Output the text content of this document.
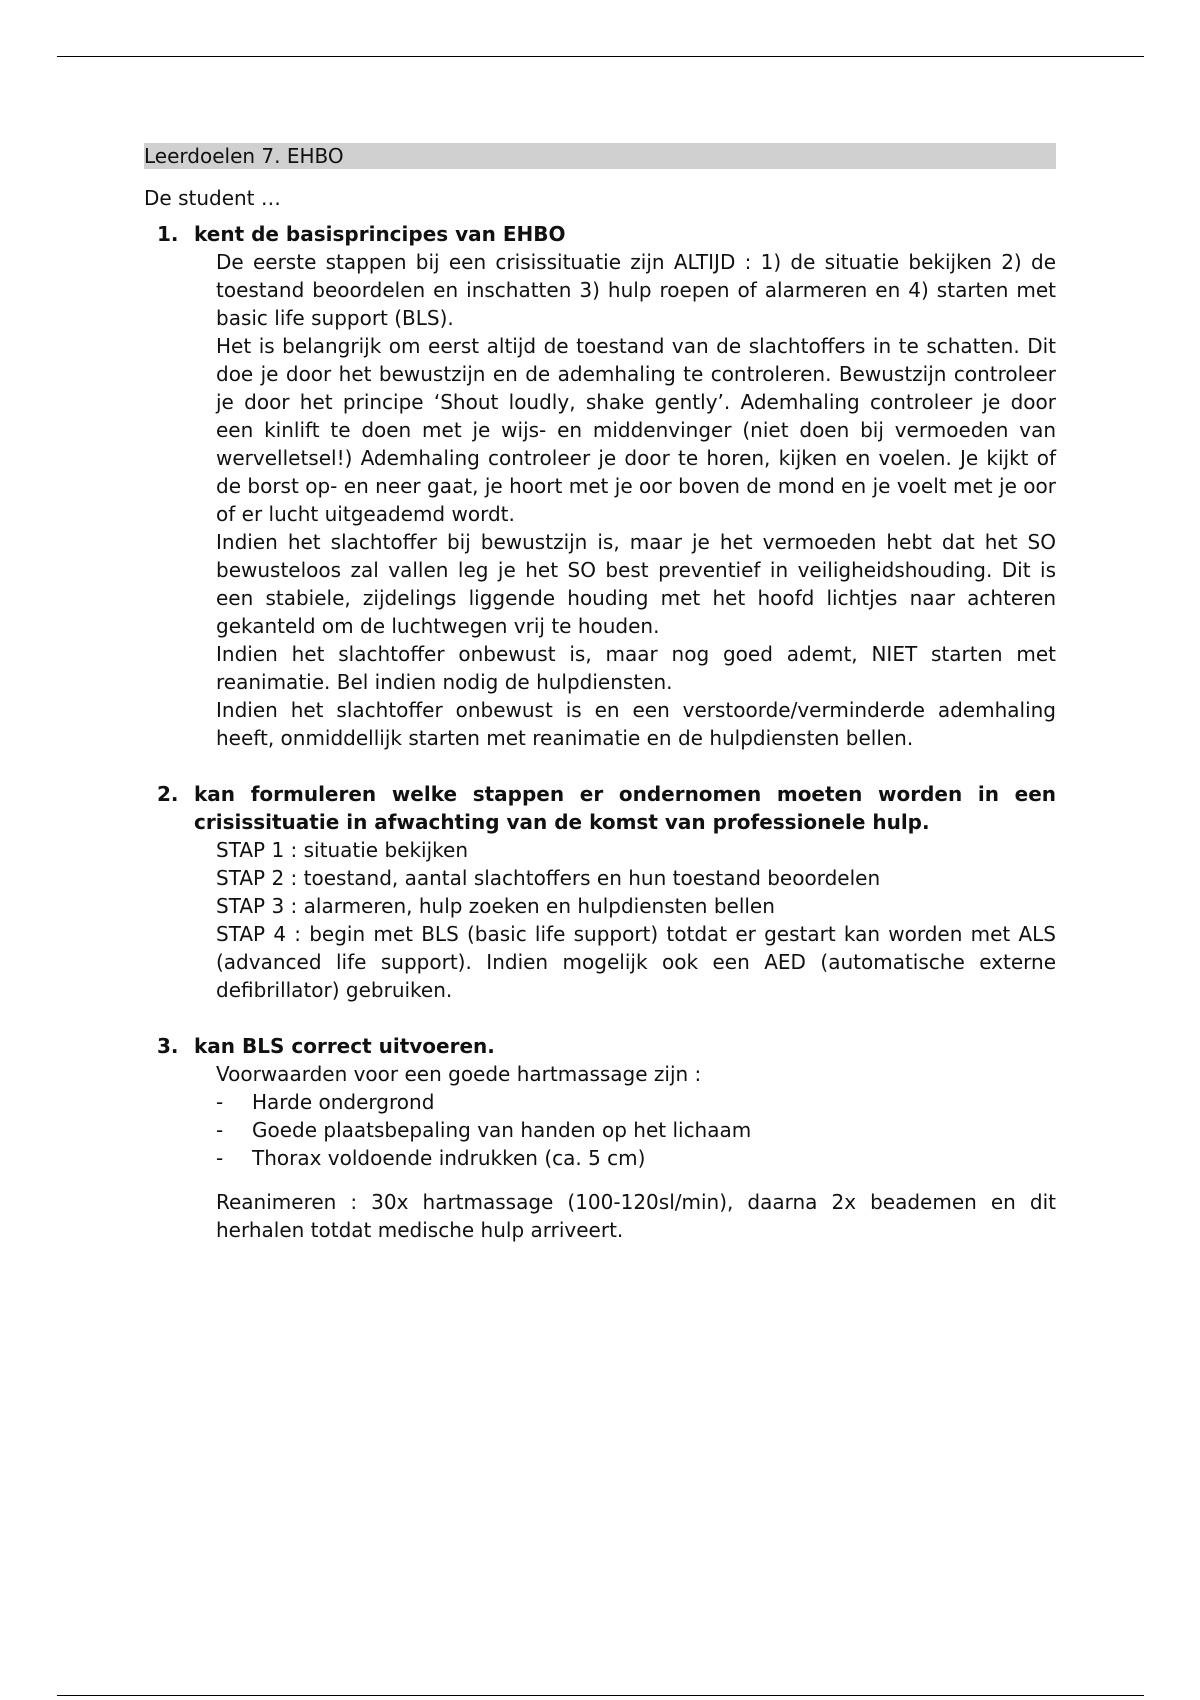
Leerdoelen 7. EHBO

De student …

1. kent de basisprincipes van EHBO

De eerste stappen bij een crisissituatie zijn ALTIJD : 1) de situatie bekijken 2) de toestand beoordelen en inschatten 3) hulp roepen of alarmeren en 4) starten met basic life support (BLS).

Het is belangrijk om eerst altijd de toestand van de slachtoffers in te schatten. Dit doe je door het bewustzijn en de ademhaling te controleren. Bewustzijn controleer je door het principe ‘Shout loudly, shake gently’. Ademhaling controleer je door een kinlift te doen met je wijs- en middenvinger (niet doen bij vermoeden van wervelletsel!) Ademhaling controleer je door te horen, kijken en voelen. Je kijkt of de borst op- en neer gaat, je hoort met je oor boven de mond en je voelt met je oor of er lucht uitgeademd wordt.

Indien het slachtoffer bij bewustzijn is, maar je het vermoeden hebt dat het SO bewusteloos zal vallen leg je het SO best preventief in veiligheidshouding. Dit is een stabiele, zijdelings liggende houding met het hoofd lichtjes naar achteren gekanteld om de luchtwegen vrij te houden.

Indien het slachtoffer onbewust is, maar nog goed ademt, NIET starten met reanimatie. Bel indien nodig de hulpdiensten.

Indien het slachtoffer onbewust is en een verstoorde/verminderde ademhaling heeft, onmiddellijk starten met reanimatie en de hulpdiensten bellen.

2. kan formuleren welke stappen er ondernomen moeten worden in een crisissituatie in afwachting van de komst van professionele hulp.

STAP 1 : situatie bekijken

STAP 2 : toestand, aantal slachtoffers en hun toestand beoordelen

STAP 3 : alarmeren, hulp zoeken en hulpdiensten bellen

STAP 4 : begin met BLS (basic life support) totdat er gestart kan worden met ALS (advanced life support). Indien mogelijk ook een AED (automatische externe defibrillator) gebruiken.

3. kan BLS correct uitvoeren.

Voorwaarden voor een goede hartmassage zijn :

- Harde ondergrond
- Goede plaatsbepaling van handen op het lichaam
- Thorax voldoende indrukken (ca. 5 cm)

Reanimeren : 30x hartmassage (100-120sl/min), daarna 2x beademen en dit herhalen totdat medische hulp arriveert.
